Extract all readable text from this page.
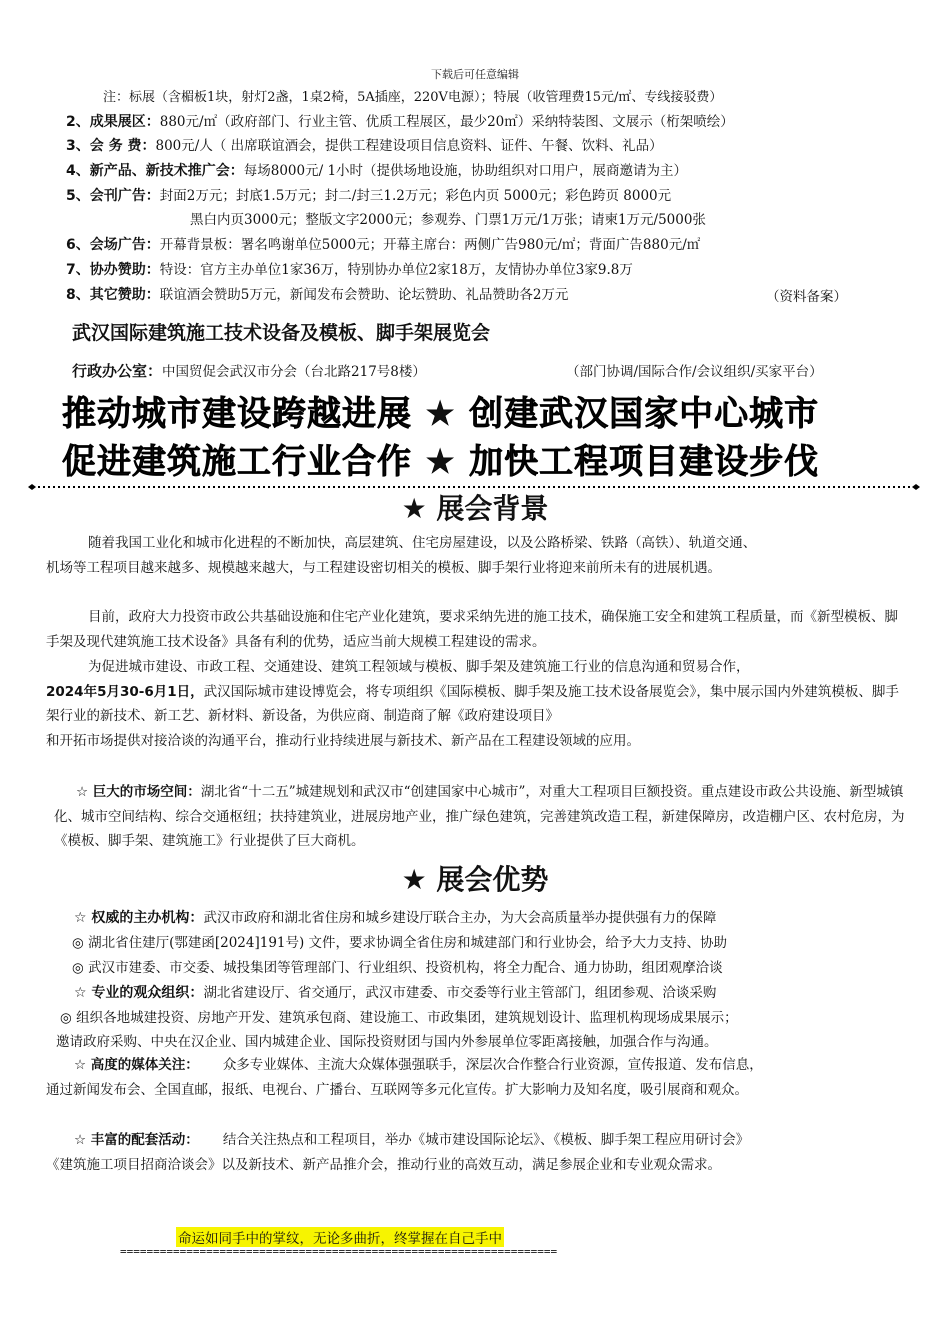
下载后可任意编辑
注：标展（含楣板1块，射灯2盏，1桌2椅，5A插座，220V电源）；特展（收管理费15元/㎡、专线接驳费）
2、成果展区：880元/㎡（政府部门、行业主管、优质工程展区，最少20㎡）采纳特装图、文展示（桁架喷绘）
3、会 务 费：800元/人（ 出席联谊酒会，提供工程建设项目信息资料、证件、午餐、饮料、礼品）
4、新产品、新技术推广会：每场8000元/ 1小时（提供场地设施，协助组织对口用户，展商邀请为主）
5、会刊广告：封面2万元；封底1.5万元；封二/封三1.2万元；彩色内页 5000元；彩色跨页 8000元
黑白内页3000元；整版文字2000元；参观券、门票1万元/1万张；请柬1万元/5000张
6、会场广告：开幕背景板：署名鸣谢单位5000元；开幕主席台：两侧广告980元/㎡；背面广告880元/㎡
7、协办赞助：特设：官方主办单位1家36万，特别协办单位2家18万，友情协办单位3家9.8万
8、其它赞助：联谊酒会赞助5万元，新闻发布会赞助、论坛赞助、礼品赞助各2万元	（资料备案）
武汉国际建筑施工技术设备及模板、脚手架展览会
行政办公室：中国贸促会武汉市分会（台北路217号8楼）	（部门协调/国际合作/会议组织/买家平台）
推动城市建设跨越进展 ★ 创建武汉国家中心城市
促进建筑施工行业合作 ★ 加快工程项目建设步伐
★ 展会背景
随着我国工业化和城市化进程的不断加快，高层建筑、住宅房屋建设，以及公路桥梁、铁路（高铁）、轨道交通、
机场等工程项目越来越多、规模越来越大，与工程建设密切相关的模板、脚手架行业将迎来前所未有的进展机遇。
目前，政府大力投资市政公共基础设施和住宅产业化建筑，要求采纳先进的施工技术，确保施工安全和建筑工程质量，而《新型模板、脚手架及现代建筑施工技术设备》具备有利的优势，适应当前大规模工程建设的需求。
为促进城市建设、市政工程、交通建设、建筑工程领域与模板、脚手架及建筑施工行业的信息沟通和贸易合作，
2024年5月30-6月1日，武汉国际城市建设博览会，将专项组织《国际模板、脚手架及施工技术设备展览会》，集中展示国内外建筑模板、脚手架行业的新技术、新工艺、新材料、新设备，为供应商、制造商了解《政府建设项目》
和开拓市场提供对接洽谈的沟通平台，推动行业持续进展与新技术、新产品在工程建设领域的应用。
☆ 巨大的市场空间：湖北省“十二五”城建规划和武汉市“创建国家中心城市”，对重大工程项目巨额投资。重点建设市政公共设施、新型城镇化、城市空间结构、综合交通枢纽；扶持建筑业，进展房地产业，推广绿色建筑，完善建筑改造工程，新建保障房，改造棚户区、农村危房，为《模板、脚手架、建筑施工》行业提供了巨大商机。
★ 展会优势
☆ 权威的主办机构：武汉市政府和湖北省住房和城乡建设厅联合主办，为大会高质量举办提供强有力的保障
◎ 湖北省住建厅(鄂建函[2024]191号) 文件，要求协调全省住房和城建部门和行业协会，给予大力支持、协助
◎ 武汉市建委、市交委、城投集团等管理部门、行业组织、投资机构，将全力配合、通力协助，组团观摩洽谈
☆ 专业的观众组织：湖北省建设厅、省交通厅，武汉市建委、市交委等行业主管部门，组团参观、洽谈采购
◎ 组织各地城建投资、房地产开发、建筑承包商、建设施工、市政集团，建筑规划设计、监理机构现场成果展示；
邀请政府采购、中央在汉企业、国内城建企业、国际投资财团与国内外参展单位零距离接触，加强合作与沟通。
☆ 高度的媒体关注： 众多专业媒体、主流大众媒体强强联手，深层次合作整合行业资源，宣传报道、发布信息，
通过新闻发布会、全国直邮，报纸、电视台、广播台、互联网等多元化宣传。扩大影响力及知名度，吸引展商和观众。
☆ 丰富的配套活动： 结合关注热点和工程项目，举办《城市建设国际论坛》、《模板、脚手架工程应用研讨会》
《建筑施工项目招商洽谈会》以及新技术、新产品推介会，推动行业的高效互动，满足参展企业和专业观众需求。
命运如同手中的掌纹，无论多曲折，终掌握在自己手中
==================================================================
